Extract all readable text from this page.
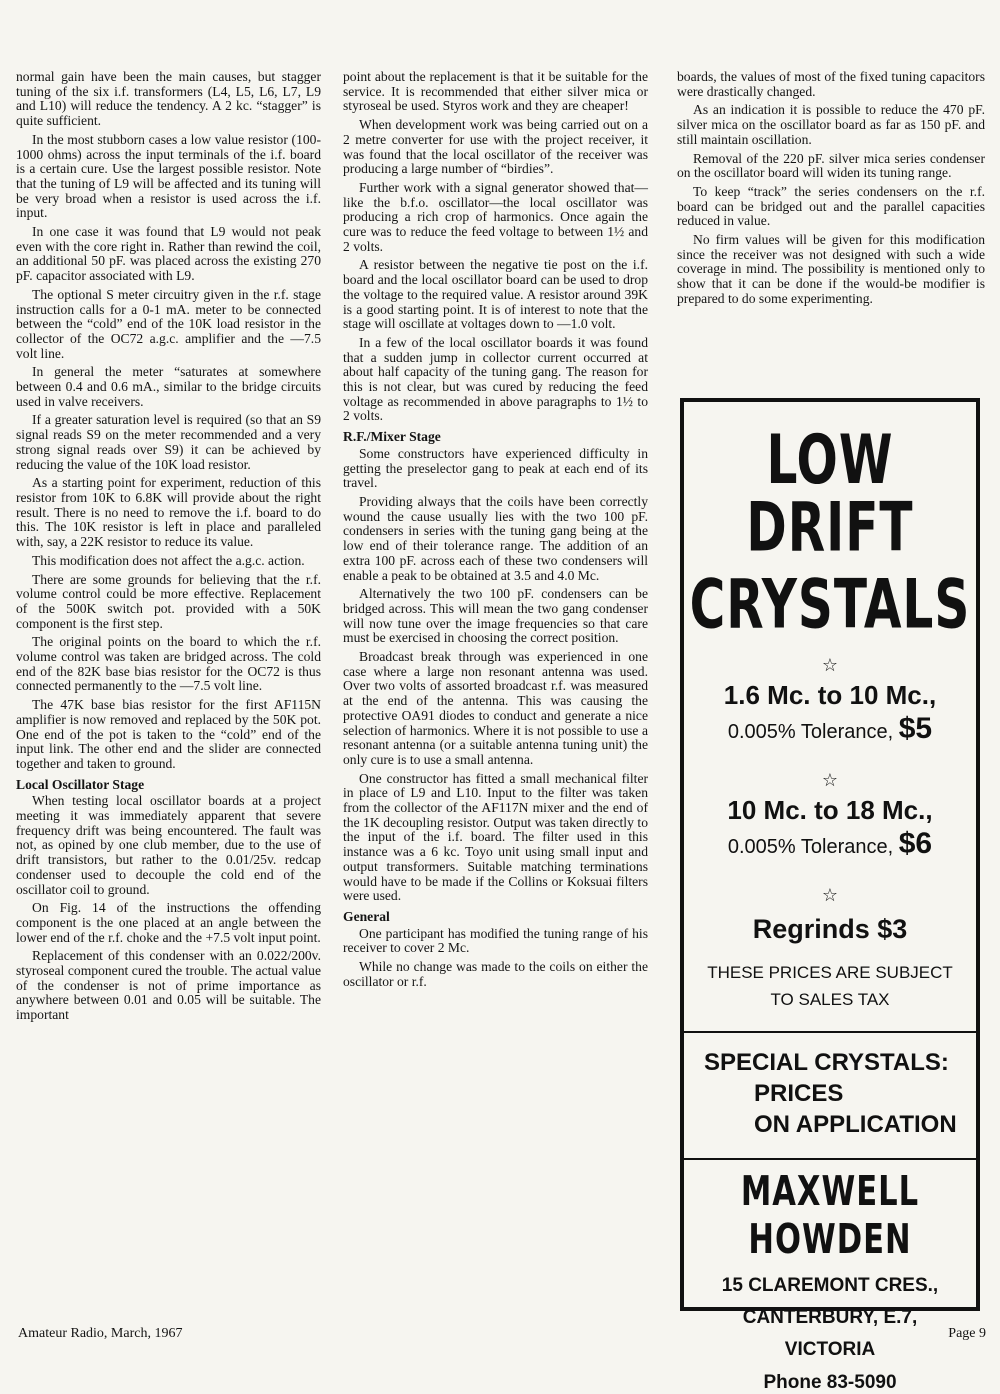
normal gain have been the main causes, but stagger tuning of the six i.f. transformers (L4, L5, L6, L7, L9 and L10) will reduce the tendency. A 2 kc. “stagger” is quite sufficient.

In the most stubborn cases a low value resistor (100-1000 ohms) across the input terminals of the i.f. board is a certain cure. Use the largest possible resistor. Note that the tuning of L9 will be affected and its tuning will be very broad when a resistor is used across the i.f. input.

In one case it was found that L9 would not peak even with the core right in. Rather than rewind the coil, an additional 50 pF. was placed across the existing 270 pF. capacitor associated with L9.

The optional S meter circuitry given in the r.f. stage instruction calls for a 0-1 mA. meter to be connected between the “cold” end of the 10K load resistor in the collector of the OC72 a.g.c. amplifier and the —7.5 volt line.

In general the meter “saturates at somewhere between 0.4 and 0.6 mA., similar to the bridge circuits used in valve receivers.

If a greater saturation level is required (so that an S9 signal reads S9 on the meter recommended and a very strong signal reads over S9) it can be achieved by reducing the value of the 10K load resistor.

As a starting point for experiment, reduction of this resistor from 10K to 6.8K will provide about the right result. There is no need to remove the i.f. board to do this. The 10K resistor is left in place and paralleled with, say, a 22K resistor to reduce its value.

This modification does not affect the a.g.c. action.

There are some grounds for believing that the r.f. volume control could be more effective. Replacement of the 500K switch pot. provided with a 50K component is the first step.

The original points on the board to which the r.f. volume control was taken are bridged across. The cold end of the 82K base bias resistor for the OC72 is thus connected permanently to the —7.5 volt line.

The 47K base bias resistor for the first AF115N amplifier is now removed and replaced by the 50K pot. One end of the pot is taken to the “cold” end of the input link. The other end and the slider are connected together and taken to ground.

Local Oscillator Stage

When testing local oscillator boards at a project meeting it was immediately apparent that severe frequency drift was being encountered. The fault was not, as opined by one club member, due to the use of drift transistors, but rather to the 0.01/25v. redcap condenser used to decouple the cold end of the oscillator coil to ground.

On Fig. 14 of the instructions the offending component is the one placed at an angle between the lower end of the r.f. choke and the +7.5 volt input point.

Replacement of this condenser with an 0.022/200v. styroseal component cured the trouble. The actual value of the condenser is not of prime importance as anywhere between 0.01 and 0.05 will be suitable. The important

point about the replacement is that it be suitable for the service. It is recommended that either silver mica or styroseal be used. Styros work and they are cheaper!

When development work was being carried out on a 2 metre converter for use with the project receiver, it was found that the local oscillator of the receiver was producing a large number of “birdies”.

Further work with a signal generator showed that—like the b.f.o. oscillator—the local oscillator was producing a rich crop of harmonics. Once again the cure was to reduce the feed voltage to between 1½ and 2 volts.

A resistor between the negative tie post on the i.f. board and the local oscillator board can be used to drop the voltage to the required value. A resistor around 39K is a good starting point. It is of interest to note that the stage will oscillate at voltages down to —1.0 volt.

In a few of the local oscillator boards it was found that a sudden jump in collector current occurred at about half capacity of the tuning gang. The reason for this is not clear, but was cured by reducing the feed voltage as recommended in above paragraphs to 1½ to 2 volts.

R.F./Mixer Stage

Some constructors have experienced difficulty in getting the preselector gang to peak at each end of its travel.

Providing always that the coils have been correctly wound the cause usually lies with the two 100 pF. condensers in series with the tuning gang being at the low end of their tolerance range. The addition of an extra 100 pF. across each of these two condensers will enable a peak to be obtained at 3.5 and 4.0 Mc.

Alternatively the two 100 pF. condensers can be bridged across. This will mean the two gang condenser will now tune over the image frequencies so that care must be exercised in choosing the correct position.

Broadcast break through was experienced in one case where a large non resonant antenna was used. Over two volts of assorted broadcast r.f. was measured at the end of the antenna. This was causing the protective OA91 diodes to conduct and generate a nice selection of harmonics. Where it is not possible to use a resonant antenna (or a suitable antenna tuning unit) the only cure is to use a small antenna.

One constructor has fitted a small mechanical filter in place of L9 and L10. Input to the filter was taken from the collector of the AF117N mixer and the end of the 1K decoupling resistor. Output was taken directly to the input of the i.f. board. The filter used in this instance was a 6 kc. Toyo unit using small input and output transformers. Suitable matching terminations would have to be made if the Collins or Koksuai filters were used.

General

One participant has modified the tuning range of his receiver to cover 2 Mc.

While no change was made to the coils on either the oscillator or r.f.

boards, the values of most of the fixed tuning capacitors were drastically changed.

As an indication it is possible to reduce the 470 pF. silver mica on the oscillator board as far as 150 pF. and still maintain oscillation.

Removal of the 220 pF. silver mica series condenser on the oscillator board will widen its tuning range.

To keep “track” the series condensers on the r.f. board can be bridged out and the parallel capacities reduced in value.

No firm values will be given for this modification since the receiver was not designed with such a wide coverage in mind. The possibility is mentioned only to show that it can be done if the would-be modifier is prepared to do some experimenting.

LOW DRIFT
CRYSTALS
☆
1.6 Mc. to 10 Mc.,
0.005% Tolerance, $5
☆
10 Mc. to 18 Mc.,
0.005% Tolerance, $6
☆
Regrinds $3
THESE PRICES ARE SUBJECT
TO SALES TAX
SPECIAL CRYSTALS:
PRICES
ON APPLICATION
MAXWELL HOWDEN
15 CLAREMONT CRES.,
CANTERBURY, E.7,
VICTORIA
Phone 83-5090
Amateur Radio, March, 1967	Page 9
